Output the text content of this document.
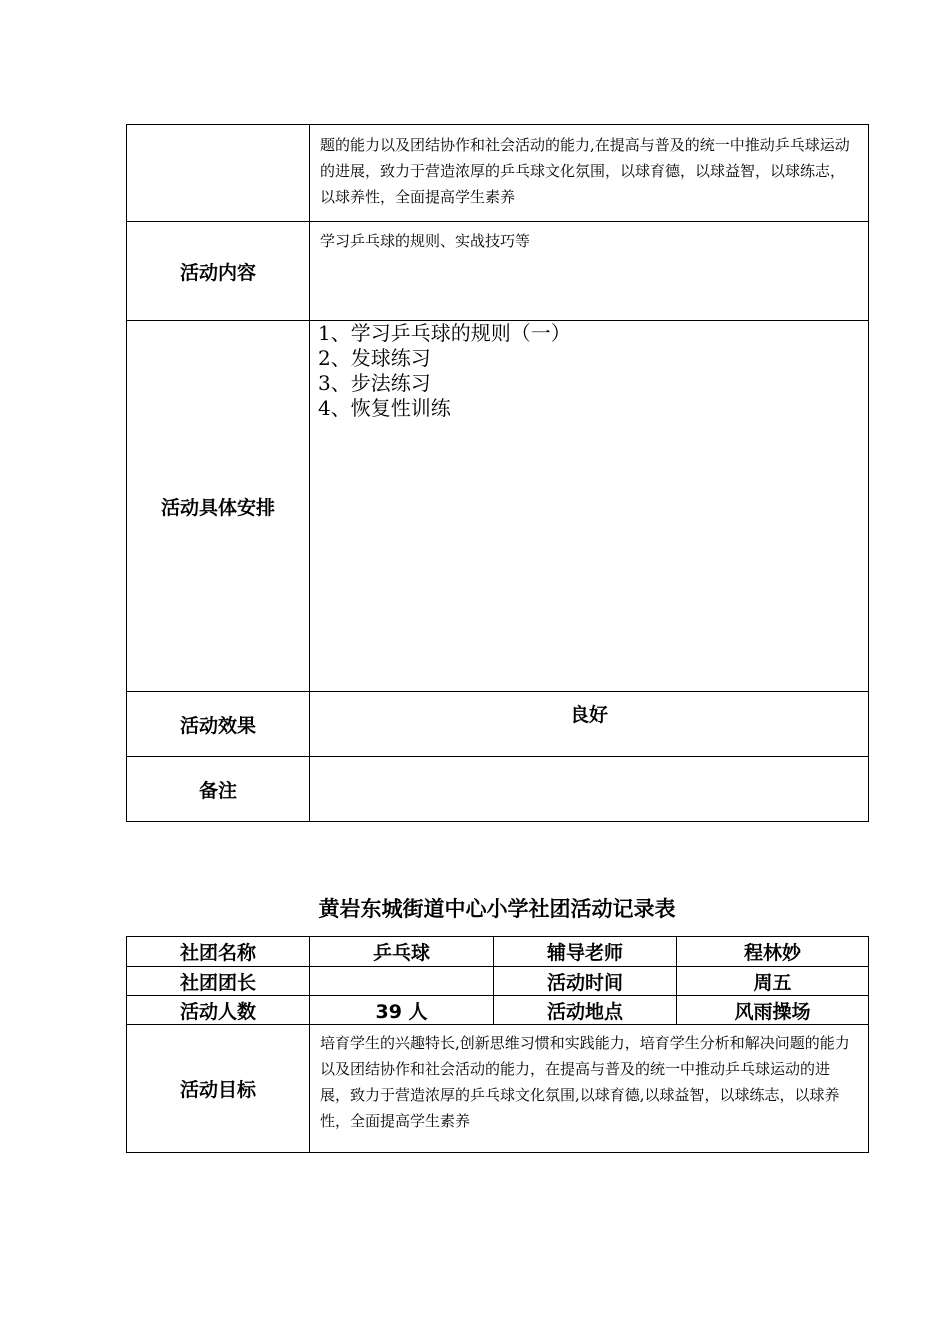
	题的能力以及团结协作和社会活动的能力,在提高与普及的统一中推动乒乓球运动的进展，致力于营造浓厚的乒乓球文化氛围，以球育德，以球益智，以球练志，以球养性，全面提高学生素养
活动内容	学习乒乓球的规则、实战技巧等
活动具体安排	1、学习乒乓球的规则（一）
2、发球练习
3、步法练习
4、恢复性训练

活动效果	良好
备注	
黄岩东城街道中心小学社团活动记录表
社团名称	乒乓球	辅导老师	程林妙
社团团长		活动时间	周五
活动人数	39 人	活动地点	风雨操场
活动目标	培育学生的兴趣特长,创新思维习惯和实践能力，培育学生分析和解决问题的能力以及团结协作和社会活动的能力，在提高与普及的统一中推动乒乓球运动的进展，致力于营造浓厚的乒乓球文化氛围,以球育德,以球益智，以球练志，以球养性，全面提高学生素养		
